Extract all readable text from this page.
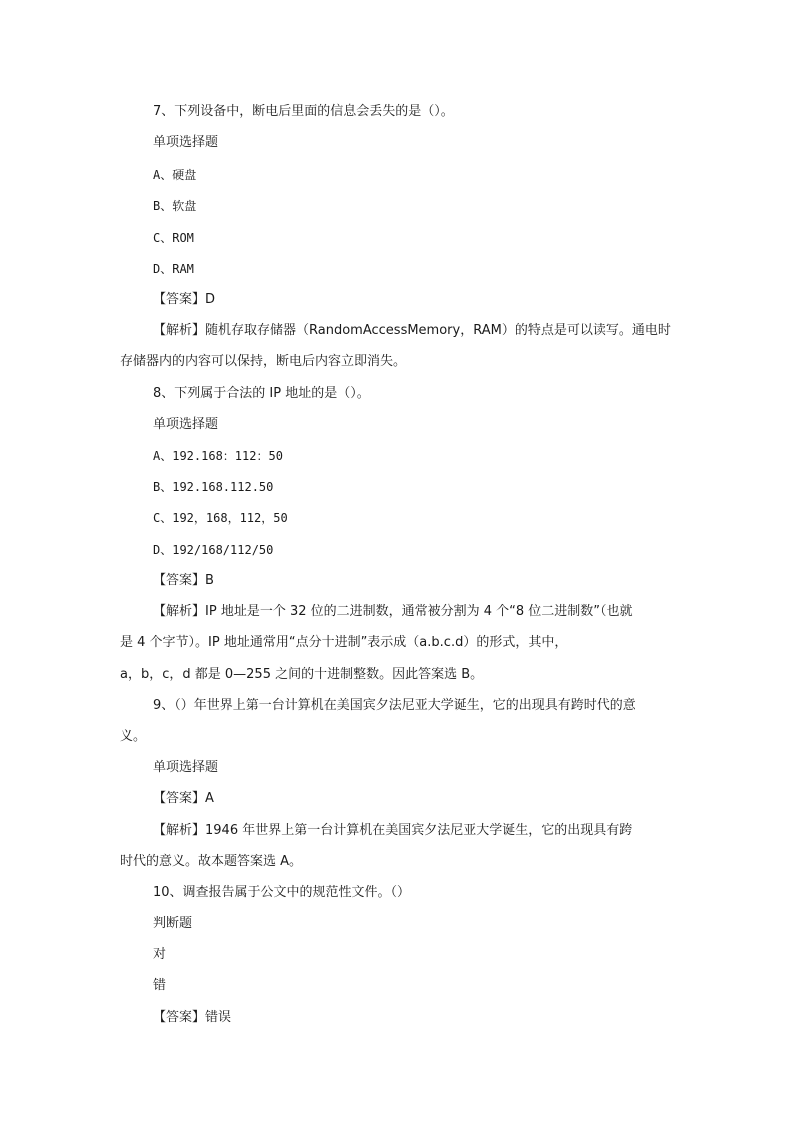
7、下列设备中，断电后里面的信息会丢失的是（）。

单项选择题

A、硬盘

B、软盘

C、ROM

D、RAM

【答案】D

【解析】随机存取存储器（RandomAccessMemory，RAM）的特点是可以读写。通电时

存储器内的内容可以保持，断电后内容立即消失。

8、下列属于合法的 IP 地址的是（）。

单项选择题

A、192.168：112：50

B、192.168.112.50

C、192，168，112，50

D、192/168/112/50

【答案】B

【解析】IP 地址是一个 32 位的二进制数，通常被分割为 4 个“8 位二进制数”（也就

是 4 个字节）。IP 地址通常用“点分十进制”表示成（a.b.c.d）的形式，其中，

a，b，c，d 都是 0—255 之间的十进制整数。因此答案选 B。

9、（）年世界上第一台计算机在美国宾夕法尼亚大学诞生，它的出现具有跨时代的意

义。

单项选择题

【答案】A

【解析】1946 年世界上第一台计算机在美国宾夕法尼亚大学诞生，它的出现具有跨

时代的意义。故本题答案选 A。

10、调查报告属于公文中的规范性文件。（）

判断题

对

错

【答案】错误
